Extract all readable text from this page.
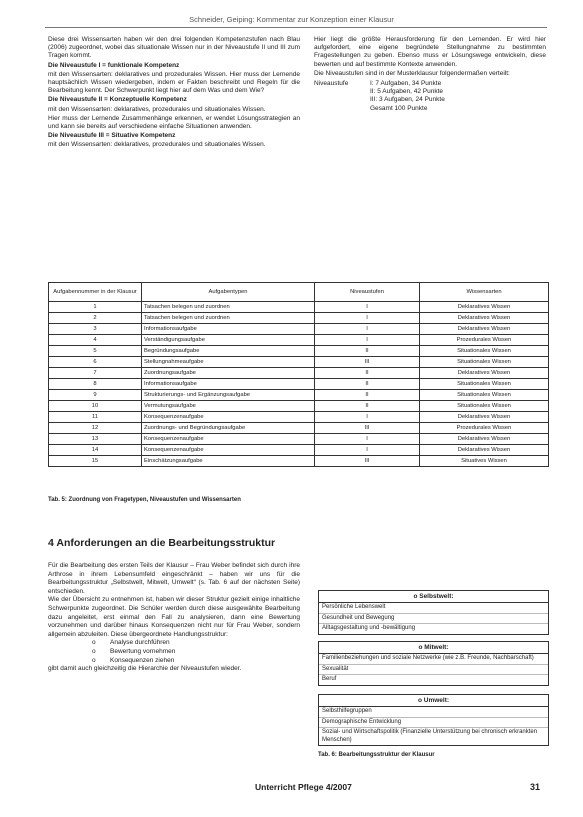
Schneider, Geiping: Kommentar zur Konzeption einer Klausur

Diese drei Wissensarten haben wir den drei folgenden Kompetenzstufen nach Blau (2006) zugeordnet, wobei das situationale Wissen nur in der Niveaustufe II und III zum Tragen kommt.

Die Niveaustufe I = funktionale Kompetenz

mit den Wissensarten: deklaratives und prozedurales Wissen. Hier muss der Lernende hauptsächlich Wissen wiedergeben, indem er Fakten beschreibt und Regeln für die Bearbeitung kennt. Der Schwerpunkt liegt hier auf dem Was und dem Wie?

Die Niveaustufe II = Konzeptuelle Kompetenz

mit den Wissensarten: deklaratives, prozedurales und situationales Wissen.

Hier muss der Lernende Zusammenhänge erkennen, er wendet Lösungsstrategien an und kann sie bereits auf verschiedene einfache Situationen anwenden.

Die Niveaustufe III = Situative Kompetenz

mit den Wissensarten: deklaratives, prozedurales und situationales Wissen.

Hier liegt die größte Herausforderung für den Lernenden. Er wird hier aufgefordert, eine eigene begründete Stellungnahme zu bestimmten Fragestellungen zu geben. Ebenso muss er Lösungswege entwickeln, diese bewerten und auf bestimmte Kontexte anwenden.

Die Niveaustufen sind in der Musterklausur folgendermaßen verteilt:

Niveaustufe	I: 7 Aufgaben, 34 Punkte
II: 5 Aufgaben, 42 Punkte
III: 3 Aufgaben, 24 Punkte
Gesamt 100 Punkte
Aufgabennummer in der Klausur	Aufgabentypen	Niveaustufen	Wissensarten
1	Tatsachen belegen und zuordnen	I	Deklaratives Wissen
2	Tatsachen belegen und zuordnen	I	Deklaratives Wissen
3	Informationsaufgabe	I	Deklaratives Wissen
4	Verständigungsaufgabe	I	Prozedurales Wissen
5	Begründungsaufgabe	II	Situationales Wissen
6	Stellungnahmeaufgabe	III	Situationales Wissen
7	Zuordnungsaufgabe	II	Deklaratives Wissen
8	Informationsaufgabe	II	Situationales Wissen
9	Strukturierungs- und Ergänzungsaufgabe	II	Situationales Wissen
10	Vermutungsaufgabe	II	Situationales Wissen
11	Konsequenzenaufgabe	I	Deklaratives Wissen
12	Zuordnungs- und Begründungsaufgabe	III	Prozedurales Wissen
13	Konsequenzenaufgabe	I	Deklaratives Wissen
14	Konsequenzenaufgabe	I	Deklaratives Wissen
15	Einschätzungsaufgabe	III	Situatives Wissen
Tab. 5: Zuordnung von Fragetypen, Niveaustufen und Wissensarten
4 Anforderungen an die Bearbeitungsstruktur

Für die Bearbeitung des ersten Teils der Klausur – Frau Weber befindet sich durch ihre Arthrose in ihrem Lebensumfeld eingeschränkt – haben wir uns für die Bearbeitungsstruktur „Selbstwelt, Mitwelt, Umwelt“ (s. Tab. 6 auf der nächsten Seite) entschieden.

Wie der Übersicht zu entnehmen ist, haben wir dieser Struktur gezielt einige inhaltliche Schwerpunkte zugeordnet. Die Schüler werden durch diese ausgewählte Bearbeitung dazu angeleitet, erst einmal den Fall zu analysieren, dann eine Bewertung vorzunehmen und darüber hinaus Konsequenzen nicht nur für Frau Weber, sondern allgemein abzuleiten. Diese übergeordnete Handlungsstruktur:

o Analyse durchführen
o Bewertung vornehmen
o Konsequenzen ziehen

gibt damit auch gleichzeitig die Hierarchie der Niveaustufen wieder.

o Selbstwelt:
Persönliche Lebenswelt
Gesundheit und Bewegung
Alltagsgestaltung und -bewältigung
o Mitwelt:
Familienbeziehungen und soziale Netzwerke (wie z.B. Freunde, Nachbarschaft)
Sexualität
Beruf
o Umwelt:
Selbsthilfegruppen
Demographische Entwicklung
Sozial- und Wirtschaftspolitik (Finanzielle Unterstützung bei chronisch erkrankten Menschen)
Tab. 6: Bearbeitungsstruktur der Klausur
Unterricht Pflege 4/2007	31
